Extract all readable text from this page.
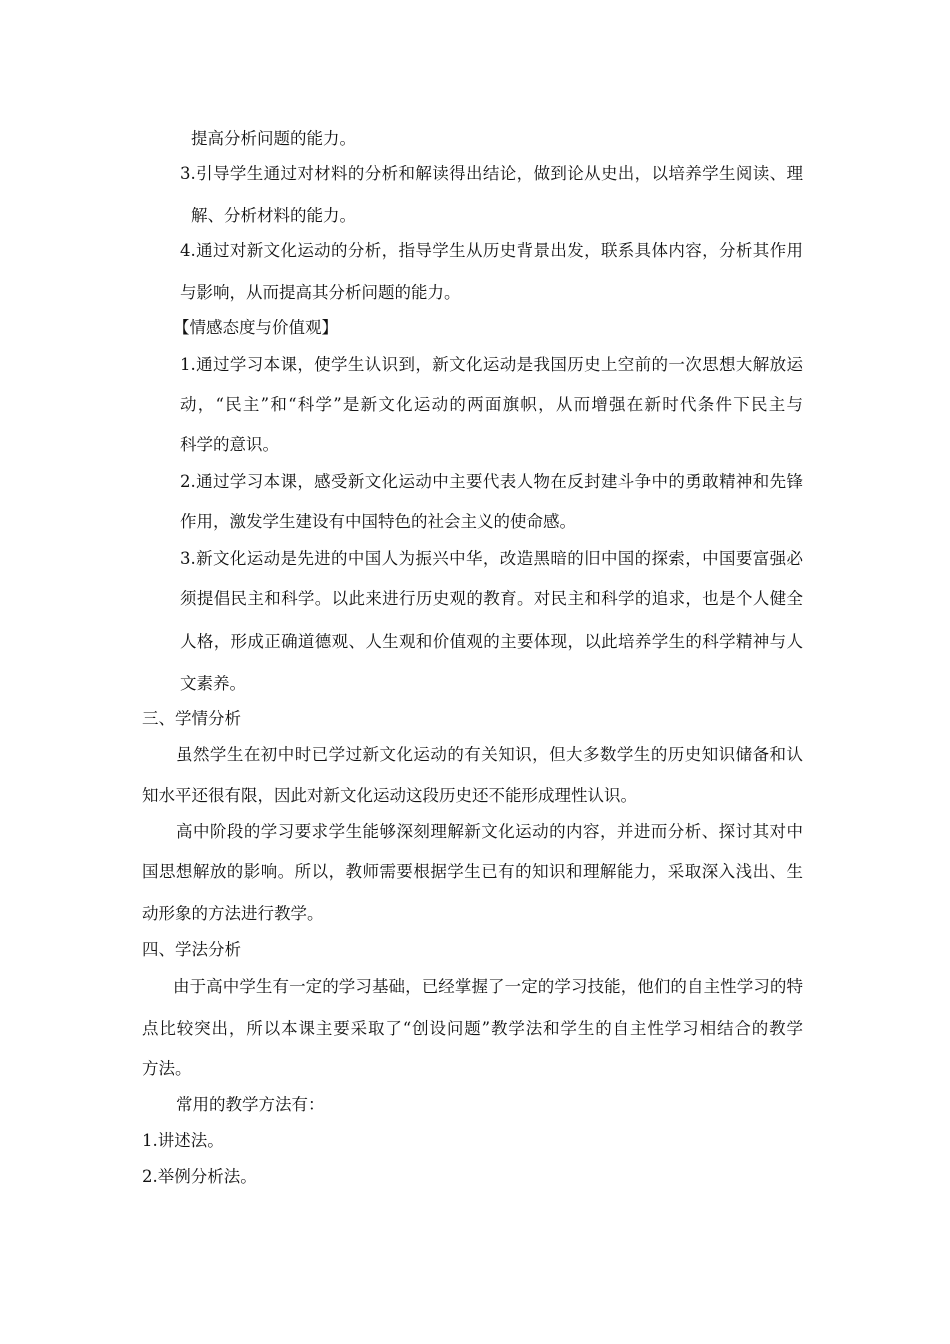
提高分析问题的能力。
3.引导学生通过对材料的分析和解读得出结论，做到论从史出，以培养学生阅读、理
解、分析材料的能力。
4.通过对新文化运动的分析，指导学生从历史背景出发，联系具体内容，分析其作用
与影响，从而提高其分析问题的能力。
【情感态度与价值观】
1.通过学习本课，使学生认识到，新文化运动是我国历史上空前的一次思想大解放运
动，“民主”和“科学”是新文化运动的两面旗帜，从而增强在新时代条件下民主与
科学的意识。
2.通过学习本课，感受新文化运动中主要代表人物在反封建斗争中的勇敢精神和先锋
作用，激发学生建设有中国特色的社会主义的使命感。
3.新文化运动是先进的中国人为振兴中华，改造黑暗的旧中国的探索，中国要富强必
须提倡民主和科学。以此来进行历史观的教育。对民主和科学的追求，也是个人健全
人格，形成正确道德观、人生观和价值观的主要体现，以此培养学生的科学精神与人
文素养。
三、学情分析
虽然学生在初中时已学过新文化运动的有关知识，但大多数学生的历史知识储备和认
知水平还很有限，因此对新文化运动这段历史还不能形成理性认识。
高中阶段的学习要求学生能够深刻理解新文化运动的内容，并进而分析、探讨其对中
国思想解放的影响。所以，教师需要根据学生已有的知识和理解能力，采取深入浅出、生
动形象的方法进行教学。
四、学法分析
由于高中学生有一定的学习基础，已经掌握了一定的学习技能，他们的自主性学习的特
点比较突出，所以本课主要采取了“创设问题”教学法和学生的自主性学习相结合的教学
方法。
常用的教学方法有：
1.讲述法。
2.举例分析法。
